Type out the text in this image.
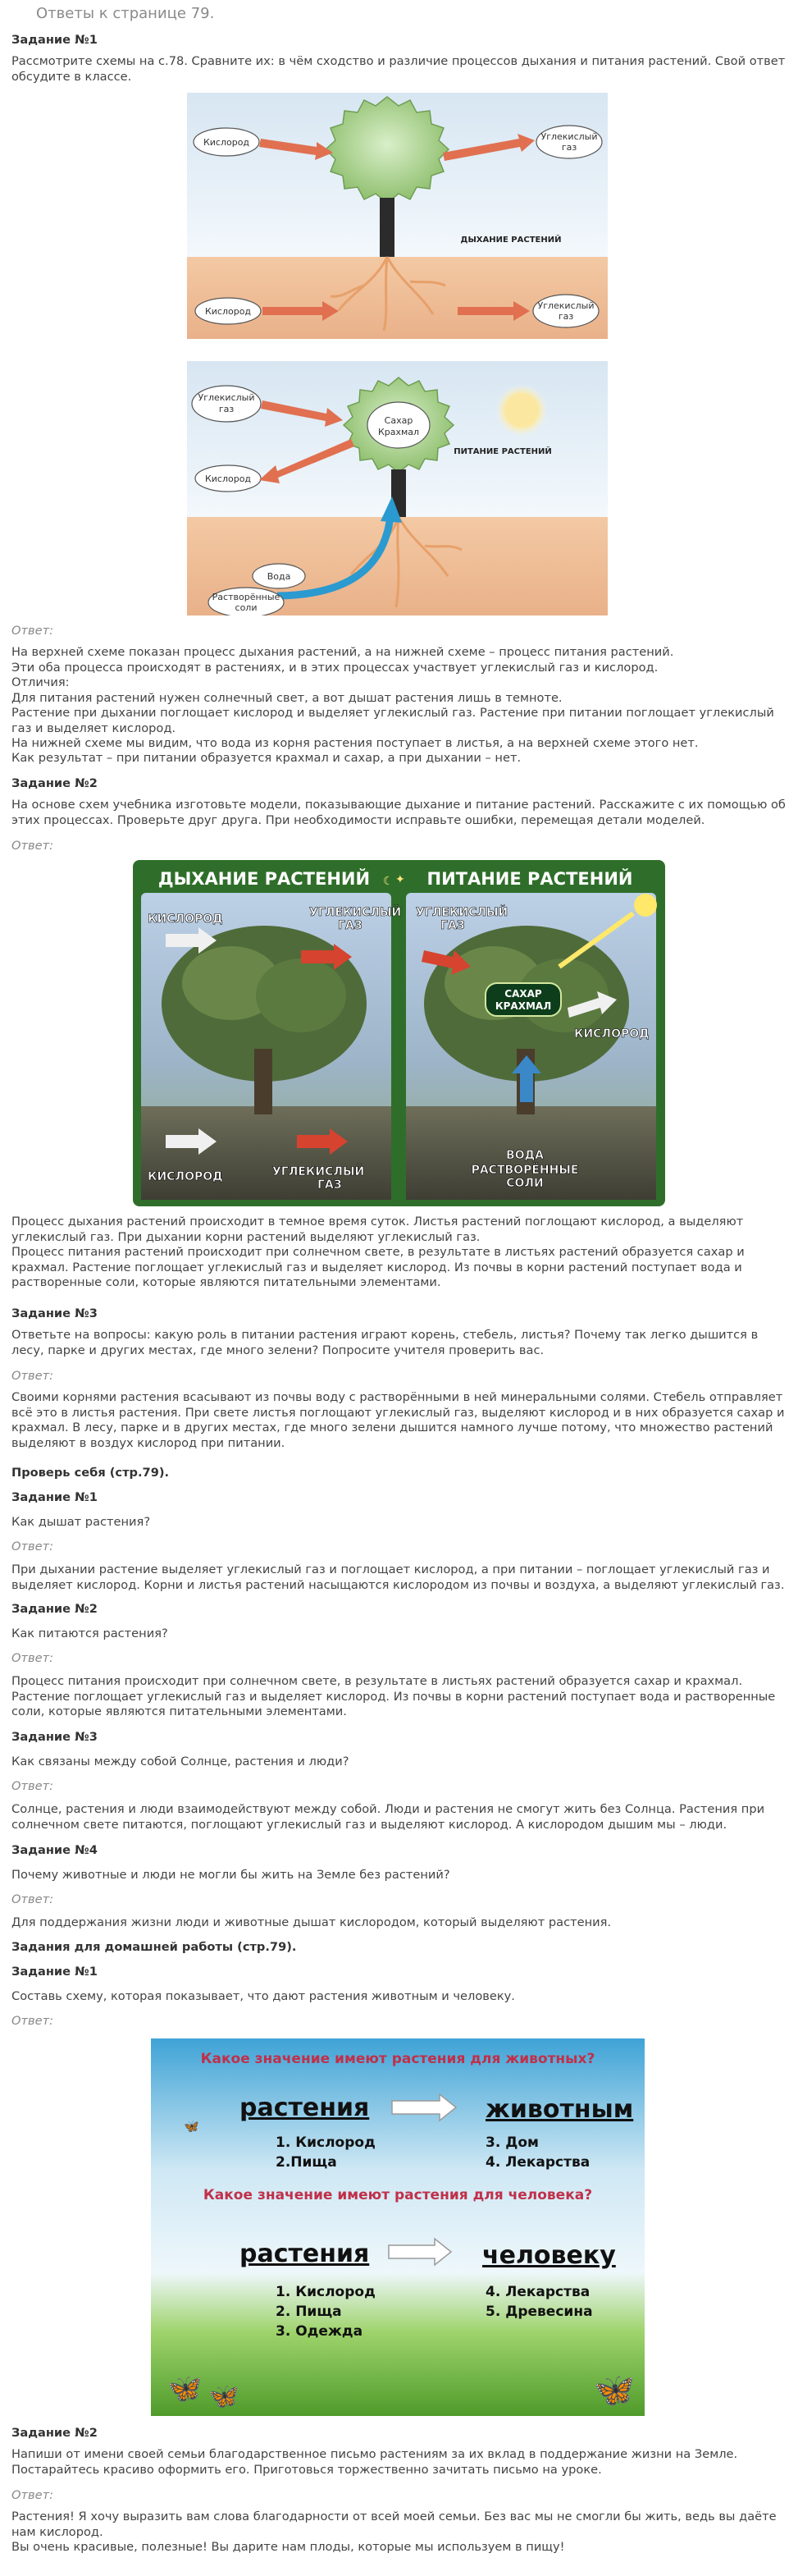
Ответы к странице 79.

Задание №1

Рассмотрите схемы на с.78. Сравните их: в чём сходство и различие процессов дыхания и питания растений. Свой ответ обсудите в классе.

Кислород
Углекислый
газ
ДЫХАНИЕ РАСТЕНИЙ
Кислород
Углекислый
газ
Сахар
Крахмал
Углекислый
газ
Кислород
ПИТАНИЕ РАСТЕНИЙ
Вода
Растворённые
соли

Ответ:

На верхней схеме показан процесс дыхания растений, а на нижней схеме – процесс питания растений.

Эти оба процесса происходят в растениях, и в этих процессах участвует углекислый газ и кислород.

Отличия:

Для питания растений нужен солнечный свет, а вот дышат растения лишь в темноте.

Растение при дыхании поглощает кислород и выделяет углекислый газ. Растение при питании поглощает углекислый газ и выделяет кислород.

На нижней схеме мы видим, что вода из корня растения поступает в листья, а на верхней схеме этого нет.

Как результат – при питании образуется крахмал и сахар, а при дыхании – нет.

Задание №2

На основе схем учебника изготовьте модели, показывающие дыхание и питание растений. Расскажите с их помощью об этих процессах. Проверьте друг друга. При необходимости исправьте ошибки, перемещая детали моделей.

Ответ:

ДЫХАНИЕ РАСТЕНИЙ	ПИТАНИЕ РАСТЕНИЙ
✦
☾
КИСЛОРОД	УГЛЕКИСЛЫЙ
ГАЗ
КИСЛОРОД	УГЛЕКИСЛЫЙ
ГАЗ
УГЛЕКИСЛЫЙ
ГАЗ
САХАР
КРАХМАЛ
КИСЛОРОД
ВОДА
РАСТВОРЁННЫЕ
СОЛИ

Процесс дыхания растений происходит в темное время суток. Листья растений поглощают кислород, а выделяют углекислый газ. При дыхании корни растений выделяют углекислый газ.
Процесс питания растений происходит при солнечном свете, в результате в листьях растений образуется сахар и крахмал. Растение поглощает углекислый газ и выделяет кислород. Из почвы в корни растений поступает вода и растворенные соли, которые являются питательными элементами.

Задание №3

Ответьте на вопросы: какую роль в питании растения играют корень, стебель, листья? Почему так легко дышится в лесу, парке и других местах, где много зелени? Попросите учителя проверить вас.

Ответ:

Своими корнями растения всасывают из почвы воду с растворёнными в ней минеральными солями. Стебель отправляет всё это в листья растения. При свете листья поглощают углекислый газ, выделяют кислород и в них образуется сахар и крахмал. В лесу, парке и в других местах, где много зелени дышится намного лучше потому, что множество растений выделяют в воздух кислород при питании.

Проверь себя (стр.79).

Задание №1

Как дышат растения?

Ответ:

При дыхании растение выделяет углекислый газ и поглощает кислород, а при питании – поглощает углекислый газ и выделяет кислород. Корни и листья растений насыщаются кислородом из почвы и воздуха, а выделяют углекислый газ.

Задание №2

Как питаются растения?

Ответ:

Процесс питания происходит при солнечном свете, в результате в листьях растений образуется сахар и крахмал. Растение поглощает углекислый газ и выделяет кислород. Из почвы в корни растений поступает вода и растворенные соли, которые являются питательными элементами.

Задание №3

Как связаны между собой Солнце, растения и люди?

Ответ:

Солнце, растения и люди взаимодействуют между собой. Люди и растения не смогут жить без Солнца. Растения при солнечном свете питаются, поглощают углекислый газ и выделяют кислород. А кислородом дышим мы – люди.

Задание №4

Почему животные и люди не могли бы жить на Земле без растений?

Ответ:

Для поддержания жизни люди и животные дышат кислородом, который выделяют растения.

Задания для домашней работы (стр.79).

Задание №1

Составь схему, которая показывает, что дают растения животным и человеку.

Ответ:

Какое значение имеют растения для животных?
🦋
растения	животным
1. Кислород
2.Пища
3. Дом
4. Лекарства
Какое значение имеют растения для человека?
растения	человеку
1. Кислород
2. Пища
3. Одежда
4. Лекарства
5. Древесина
🦋 🦋	🦋

Задание №2

Напиши от имени своей семьи благодарственное письмо растениям за их вклад в поддержание жизни на Земле. Постарайтесь красиво оформить его. Приготовься торжественно зачитать письмо на уроке.

Ответ:

Растения! Я хочу выразить вам слова благодарности от всей моей семьи. Без вас мы не смогли бы жить, ведь вы даёте нам кислород.
Вы очень красивые, полезные! Вы дарите нам плоды, которые мы используем в пищу!
